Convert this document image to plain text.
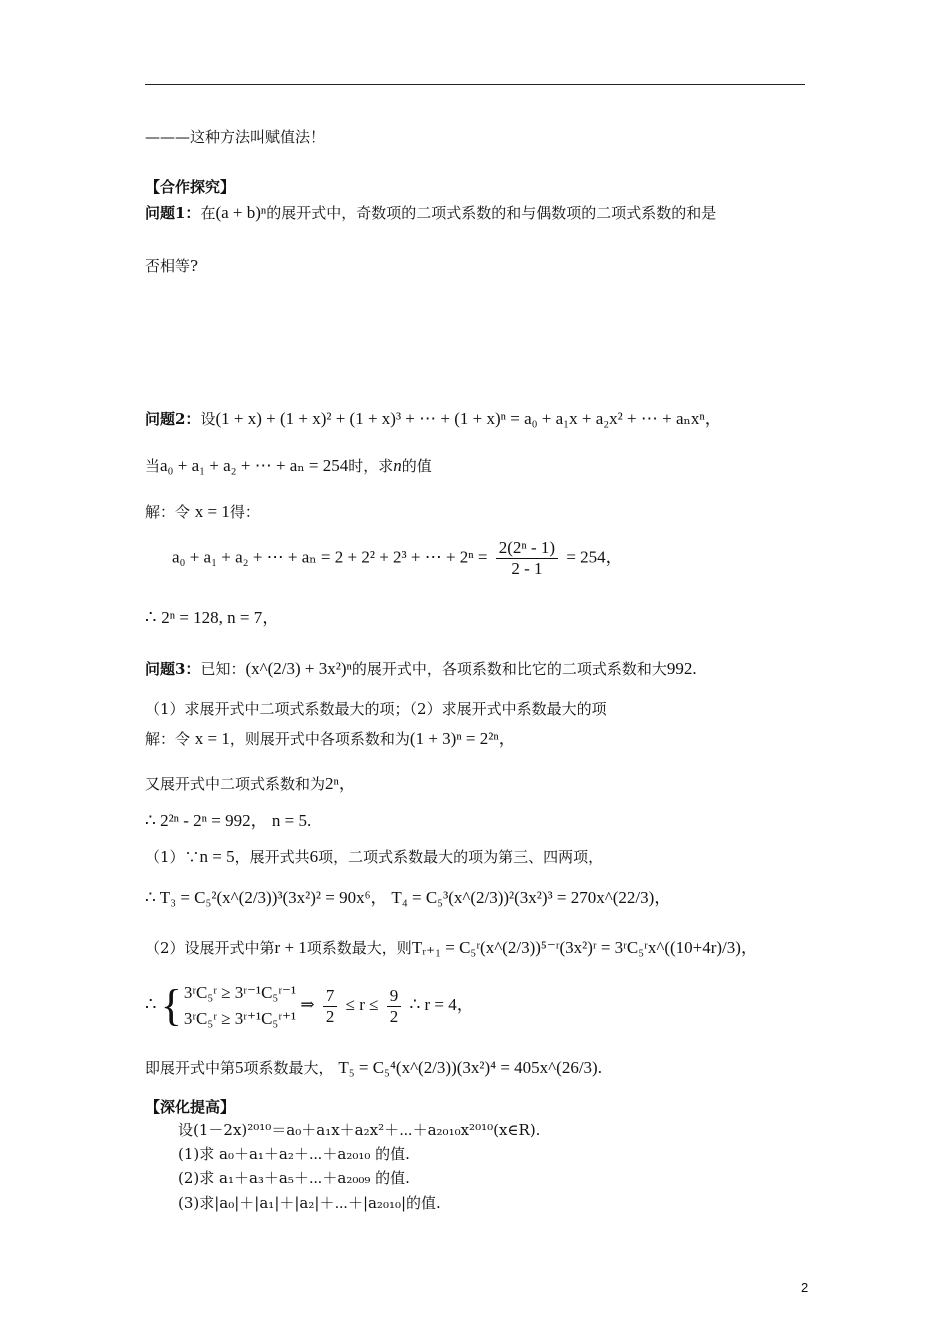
———这种方法叫赋值法！
【合作探究】
问题1：在(a + b)ⁿ的展开式中，奇数项的二项式系数的和与偶数项的二项式系数的和是
否相等?
问题2：设(1 + x) + (1 + x)² + (1 + x)³ + ⋯ + (1 + x)ⁿ = a₀ + a₁x + a₂x² + ⋯ + aₙxⁿ，
当a₀ + a₁ + a₂ + ⋯ + aₙ = 254时，求n的值
解：令 x = 1得：
a₀ + a₁ + a₂ + ⋯ + aₙ = 2 + 2² + 2³ + ⋯ + $2^n = \frac{\text{2(2ⁿ - 1)}}{2 - 1} = 254$，
∴ 2ⁿ = 128, n = 7，
问题3：已知：(x^(2/3) + 3x²)ⁿ的展开式中，各项系数和比它的二项式系数和大992.
（1）求展开式中二项式系数最大的项；（2）求展开式中系数最大的项
解：令 x = 1，则展开式中各项系数和为(1 + 3)ⁿ = 2²ⁿ，
又展开式中二项式系数和为2ⁿ，
∴ 2²ⁿ - 2ⁿ = 992， n = 5.
（1）∵n = 5，展开式共6项，二项式系数最大的项为第三、四两项，
∴ T₃ = C₅²(x^(2/3))³(3x²)² = 90x⁶， T₄ = C₅³(x^(2/3))²(3x²)³ = 270x^(22/3)，
（2）设展开式中第r + 1项系数最大，则Tᵣ₊₁ = C₅ʳ(x^(2/3))⁵⁻ʳ(3x²)ʳ = 3ʳC₅ʳx^((10+4r)/3)，
∴ { 3ʳC₅ʳ ≥ 3ʳ⁻¹C₅ʳ⁻¹
3ʳC₅ʳ ≥ 3ʳ⁺¹C₅ʳ⁺¹
⇒ $\frac{7}{2} \le r \le \frac{9}{2}$ ∴ r = 4，
即展开式中第5项系数最大， T₅ = C₅⁴(x^(2/3))(3x²)⁴ = 405x^(26/3).
【深化提高】
设(1－2x)²⁰¹⁰＝a₀＋a₁x＋a₂x²＋⋯＋a₂₀₁₀x²⁰¹⁰(x∈R).
(1)求 a₀＋a₁＋a₂＋⋯＋a₂₀₁₀ 的值.
(2)求 a₁＋a₃＋a₅＋⋯＋a₂₀₀₉ 的值.
(3)求|a₀|＋|a₁|＋|a₂|＋⋯＋|a₂₀₁₀|的值.
2
